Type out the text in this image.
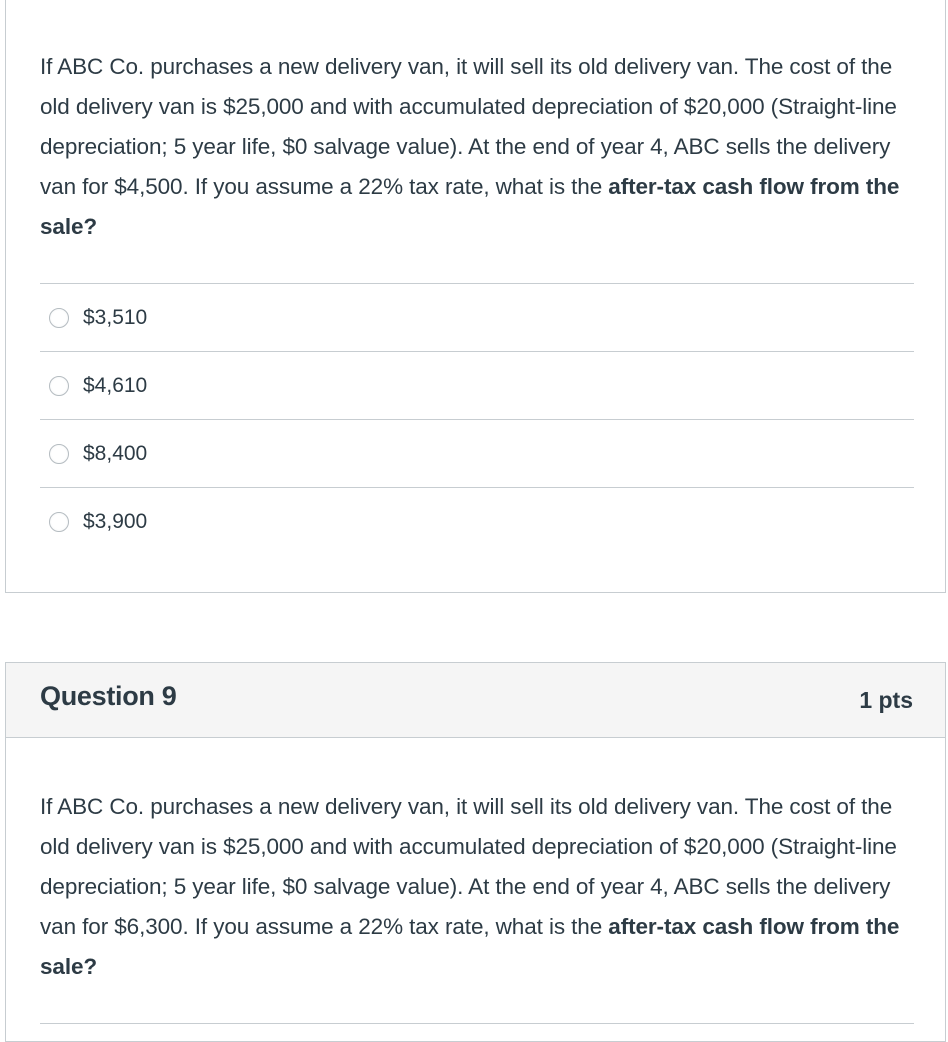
If ABC Co. purchases a new delivery van, it will sell its old delivery van. The cost of the old delivery van is $25,000 and with accumulated depreciation of $20,000 (Straight-line depreciation; 5 year life, $0 salvage value). At the end of year 4, ABC sells the delivery van for $4,500. If you assume a 22% tax rate, what is the after-tax cash flow from the sale?

$3,510
$4,610
$8,400
$3,900
Question 9	1 pts

If ABC Co. purchases a new delivery van, it will sell its old delivery van. The cost of the old delivery van is $25,000 and with accumulated depreciation of $20,000 (Straight-line depreciation; 5 year life, $0 salvage value). At the end of year 4, ABC sells the delivery van for $6,300. If you assume a 22% tax rate, what is the after-tax cash flow from the sale?
